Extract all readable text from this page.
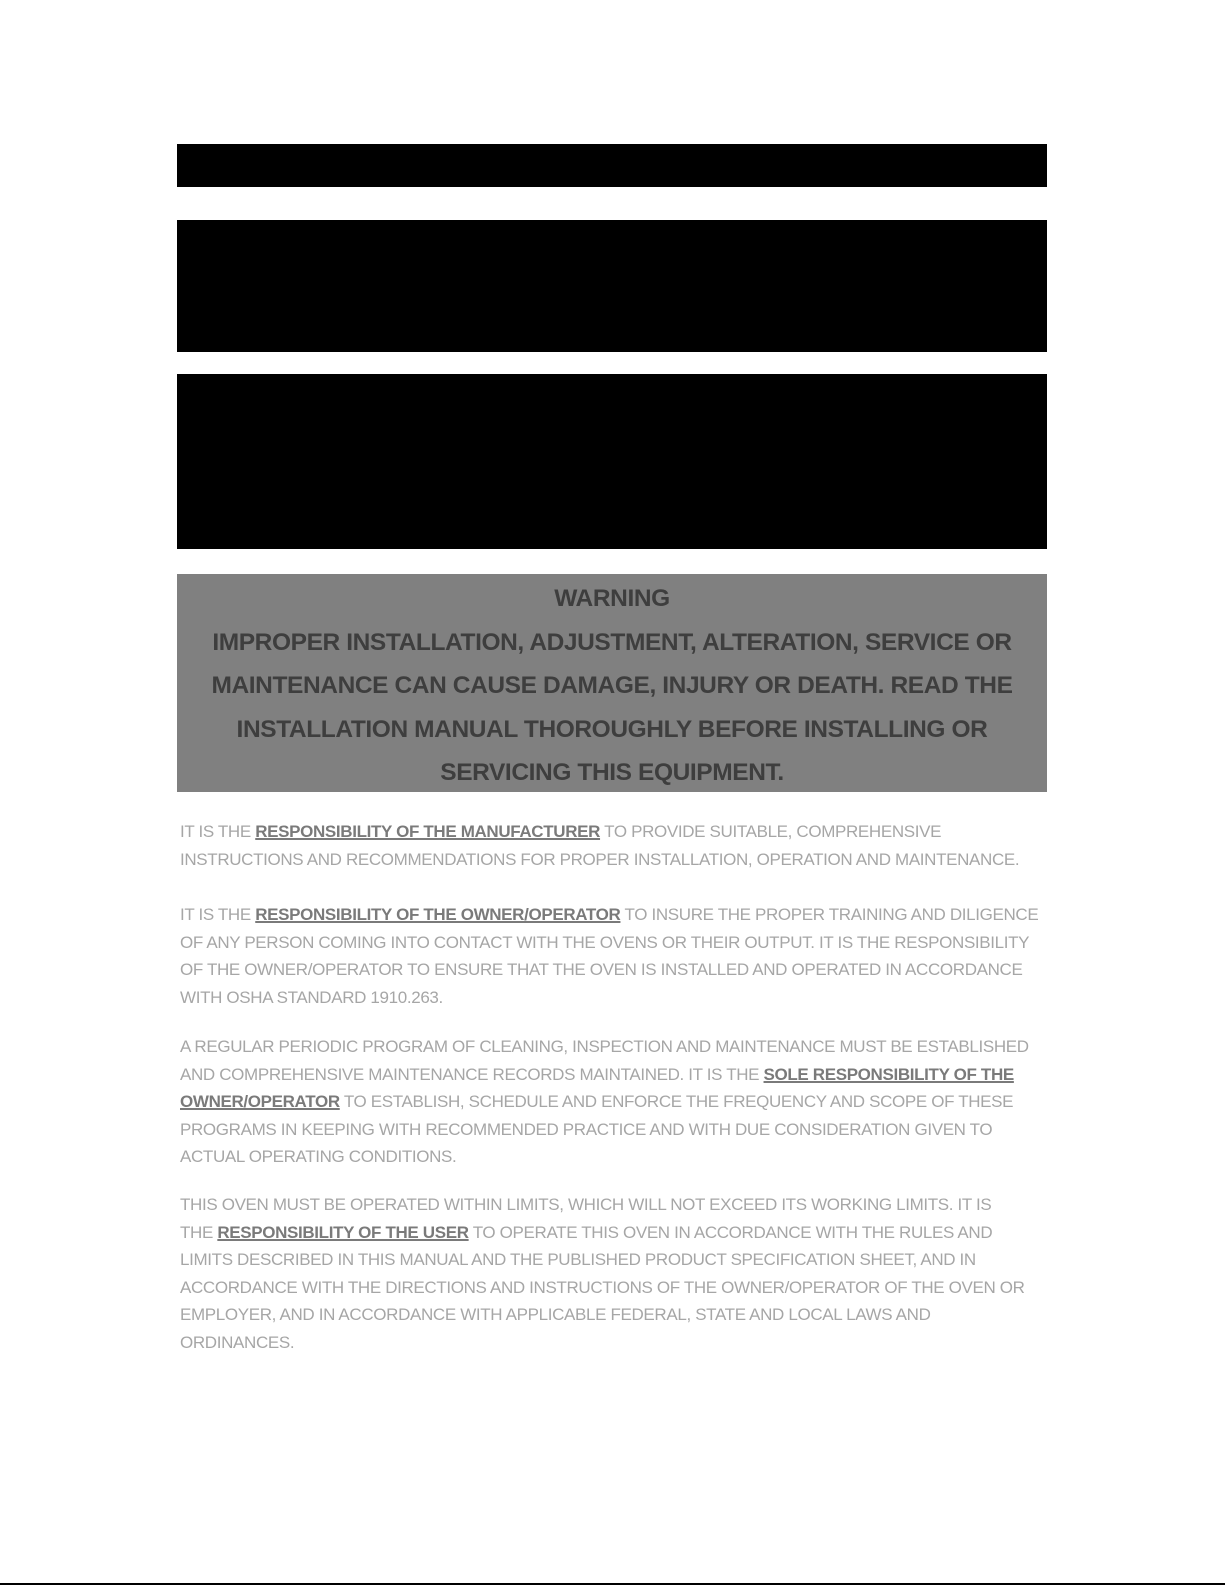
WARNING
IMPROPER INSTALLATION, ADJUSTMENT, ALTERATION, SERVICE OR
MAINTENANCE CAN CAUSE DAMAGE, INJURY OR DEATH. READ THE
INSTALLATION MANUAL THOROUGHLY BEFORE INSTALLING OR
SERVICING THIS EQUIPMENT.
IT IS THE RESPONSIBILITY OF THE MANUFACTURER TO PROVIDE SUITABLE, COMPREHENSIVE
INSTRUCTIONS AND RECOMMENDATIONS FOR PROPER INSTALLATION, OPERATION AND MAINTENANCE.
IT IS THE RESPONSIBILITY OF THE OWNER/OPERATOR TO INSURE THE PROPER TRAINING AND DILIGENCE
OF ANY PERSON COMING INTO CONTACT WITH THE OVENS OR THEIR OUTPUT. IT IS THE RESPONSIBILITY
OF THE OWNER/OPERATOR TO ENSURE THAT THE OVEN IS INSTALLED AND OPERATED IN ACCORDANCE
WITH OSHA STANDARD 1910.263.
A REGULAR PERIODIC PROGRAM OF CLEANING, INSPECTION AND MAINTENANCE MUST BE ESTABLISHED
AND COMPREHENSIVE MAINTENANCE RECORDS MAINTAINED. IT IS THE SOLE RESPONSIBILITY OF THE
OWNER/OPERATOR TO ESTABLISH, SCHEDULE AND ENFORCE THE FREQUENCY AND SCOPE OF THESE
PROGRAMS IN KEEPING WITH RECOMMENDED PRACTICE AND WITH DUE CONSIDERATION GIVEN TO
ACTUAL OPERATING CONDITIONS.
THIS OVEN MUST BE OPERATED WITHIN LIMITS, WHICH WILL NOT EXCEED ITS WORKING LIMITS. IT IS
THE RESPONSIBILITY OF THE USER TO OPERATE THIS OVEN IN ACCORDANCE WITH THE RULES AND
LIMITS DESCRIBED IN THIS MANUAL AND THE PUBLISHED PRODUCT SPECIFICATION SHEET, AND IN
ACCORDANCE WITH THE DIRECTIONS AND INSTRUCTIONS OF THE OWNER/OPERATOR OF THE OVEN OR
EMPLOYER, AND IN ACCORDANCE WITH APPLICABLE FEDERAL, STATE AND LOCAL LAWS AND
ORDINANCES.
